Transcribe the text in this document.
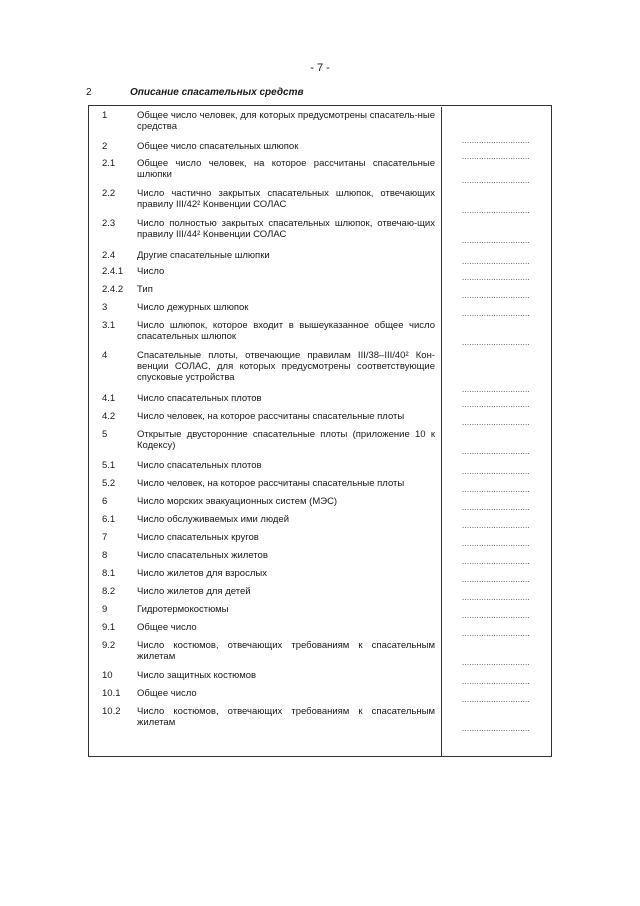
- 7 -
2	Описание спасательных средств
1	Общее число человек, для которых предусмотрены спасатель-ные средства
............................
2	Общее число спасательных шлюпок
............................
2.1 Общее число человек, на которое рассчитаны спасательные шлюпки
............................
2.2 Число частично закрытых спасательных шлюпок, отвечающих правилу III/42² Конвенции СОЛАС
............................
2.3 Число полностью закрытых спасательных шлюпок, отвечаю-щих правилу III/44² Конвенции СОЛАС
............................
2.4 Другие спасательные шлюпки
............................
2.4.1 Число
............................
2.4.2 Тип
............................
3	Число дежурных шлюпок
............................
3.1 Число шлюпок, которое входит в вышеуказанное общее число спасательных шлюпок
............................
4	Спасательные плоты, отвечающие правилам III/38–III/40² Кон-венции СОЛАС, для которых предусмотрены соответствующие спусковые устройства
............................
4.1 Число спасательных плотов
............................
4.2 Число человек, на которое рассчитаны спасательные плоты
............................
5	Открытые двусторонние спасательные плоты (приложение 10 к Кодексу)
............................
5.1 Число спасательных плотов
............................
5.2 Число человек, на которое рассчитаны спасательные плоты
............................
6	Число морских эвакуационных систем (МЭС)
............................
6.1 Число обслуживаемых ими людей
............................
7	Число спасательных кругов
............................
8	Число спасательных жилетов
............................
8.1 Число жилетов для взрослых
............................
8.2 Число жилетов для детей
............................
9	Гидротермокостюмы
............................
9.1 Общее число
............................
9.2 Число костюмов, отвечающих требованиям к спасательным жилетам
............................
10	Число защитных костюмов
............................
10.1 Общее число
............................
10.2 Число костюмов, отвечающих требованиям к спасательным жилетам
............................
